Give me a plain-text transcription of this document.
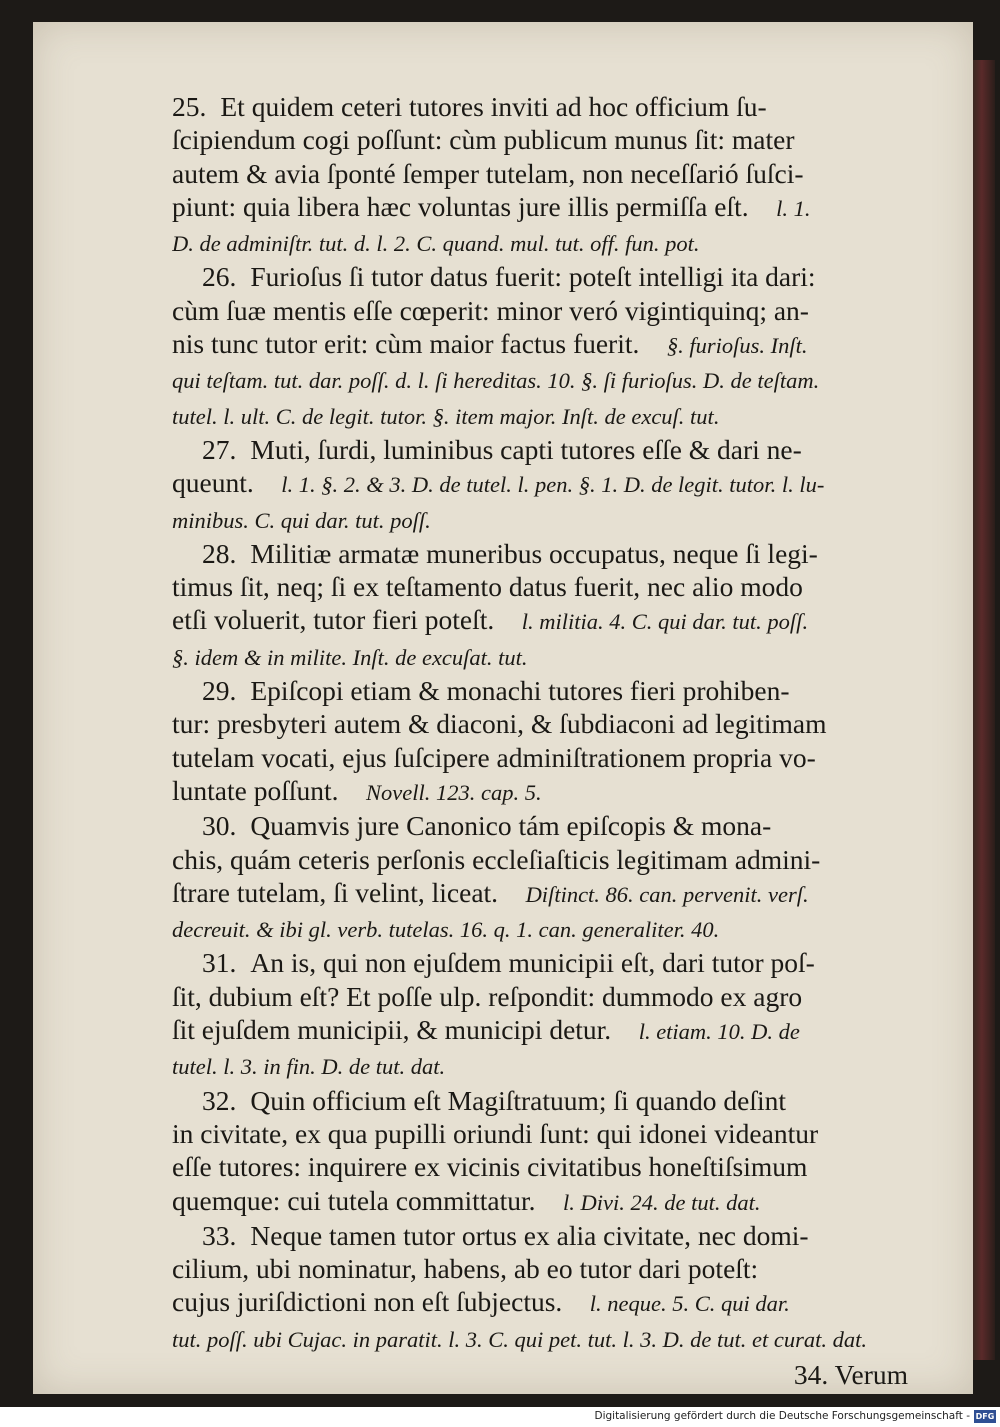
25. Et quidem ceteri tutores inviti ad hoc officium ſu-
ſcipiendum cogi poſſunt: cùm publicum munus ſit: mater
autem & avia ſponté ſemper tutelam, non neceſſarió ſuſci-
piunt: quia libera hæc voluntas jure illis permiſſa eſt.  l. 1.
D. de adminiſtr. tut. d. l. 2. C. quand. mul. tut. off. fun. pot.
26. Furioſus ſi tutor datus fuerit: poteſt intelligi ita dari:
cùm ſuæ mentis eſſe cœperit: minor veró vigintiquinq; an-
nis tunc tutor erit: cùm maior factus fuerit.  §. furioſus. Inſt.
qui teſtam. tut. dar. poſſ. d. l. ſi hereditas. 10. §. ſi furioſus. D. de teſtam.
tutel. l. ult. C. de legit. tutor. §. item major. Inſt. de excuſ. tut.
27. Muti, ſurdi, luminibus capti tutores eſſe & dari ne-
queunt.  l. 1. §. 2. & 3. D. de tutel. l. pen. §. 1. D. de legit. tutor. l. lu-
minibus. C. qui dar. tut. poſſ.
28. Militiæ armatæ muneribus occupatus, neque ſi legi-
timus ſit, neq; ſi ex teſtamento datus fuerit, nec alio modo
etſi voluerit, tutor fieri poteſt.  l. militia. 4. C. qui dar. tut. poſſ.
§. idem & in milite. Inſt. de excuſat. tut.
29. Epiſcopi etiam & monachi tutores fieri prohiben-
tur: presbyteri autem & diaconi, & ſubdiaconi ad legitimam
tutelam vocati, ejus ſuſcipere adminiſtrationem propria vo-
luntate poſſunt.  Novell. 123. cap. 5.
30. Quamvis jure Canonico tám epiſcopis & mona-
chis, quám ceteris perſonis eccleſiaſticis legitimam admini-
ſtrare tutelam, ſi velint, liceat.  Diſtinct. 86. can. pervenit. verſ.
decreuit. & ibi gl. verb. tutelas. 16. q. 1. can. generaliter. 40.
31. An is, qui non ejuſdem municipii eſt, dari tutor poſ-
ſit, dubium eſt? Et poſſe ulp. reſpondit: dummodo ex agro
ſit ejuſdem municipii, & municipi detur.  l. etiam. 10. D. de
tutel. l. 3. in fin. D. de tut. dat.
32. Quin officium eſt Magiſtratuum; ſi quando deſint
in civitate, ex qua pupilli oriundi ſunt: qui idonei videantur
eſſe tutores: inquirere ex vicinis civitatibus honeſtiſsimum
quemque: cui tutela committatur.  l. Divi. 24. de tut. dat.
33. Neque tamen tutor ortus ex alia civitate, nec domi-
cilium, ubi nominatur, habens, ab eo tutor dari poteſt:
cujus juriſdictioni non eſt ſubjectus.  l. neque. 5. C. qui dar.
tut. poſſ. ubi Cujac. in paratit. l. 3. C. qui pet. tut. l. 3. D. de tut. et curat. dat.
34. Verum
Digitalisierung gefördert durch die Deutsche Forschungsgemeinschaft - DFG
